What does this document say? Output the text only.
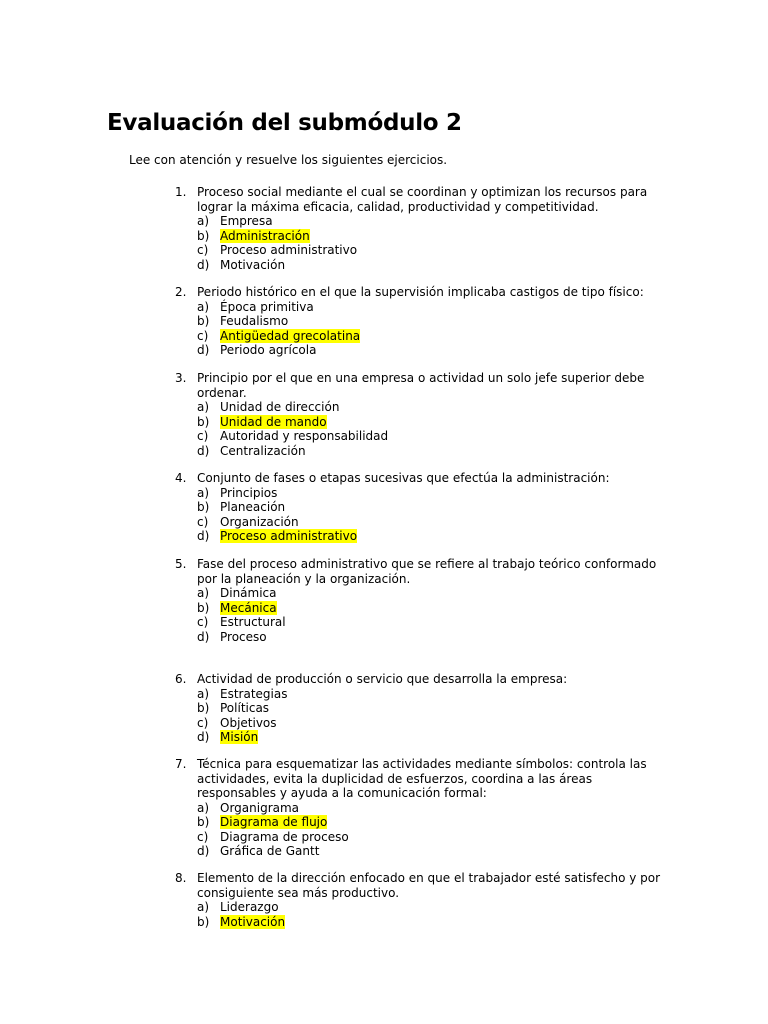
Evaluación del submódulo 2

Lee con atención y resuelve los siguientes ejercicios.

1. Proceso social mediante el cual se coordinan y optimizan los recursos para lograr la máxima eficacia, calidad, productividad y competitividad.
a) Empresa
b) Administración
c) Proceso administrativo
d) Motivación
2. Periodo histórico en el que la supervisión implicaba castigos de tipo físico:
a) Época primitiva
b) Feudalismo
c) Antigüedad grecolatina
d) Periodo agrícola
3. Principio por el que en una empresa o actividad un solo jefe superior debe ordenar.
a) Unidad de dirección
b) Unidad de mando
c) Autoridad y responsabilidad
d) Centralización
4. Conjunto de fases o etapas sucesivas que efectúa la administración:
a) Principios
b) Planeación
c) Organización
d) Proceso administrativo
5. Fase del proceso administrativo que se refiere al trabajo teórico conformado por la planeación y la organización.
a) Dinámica
b) Mecánica
c) Estructural
d) Proceso
6. Actividad de producción o servicio que desarrolla la empresa:
a) Estrategias
b) Políticas
c) Objetivos
d) Misión
7. Técnica para esquematizar las actividades mediante símbolos: controla las actividades, evita la duplicidad de esfuerzos, coordina a las áreas responsables y ayuda a la comunicación formal:
a) Organigrama
b) Diagrama de flujo
c) Diagrama de proceso
d) Gráfica de Gantt
8. Elemento de la dirección enfocado en que el trabajador esté satisfecho y por consiguiente sea más productivo.
a) Liderazgo
b) Motivación
